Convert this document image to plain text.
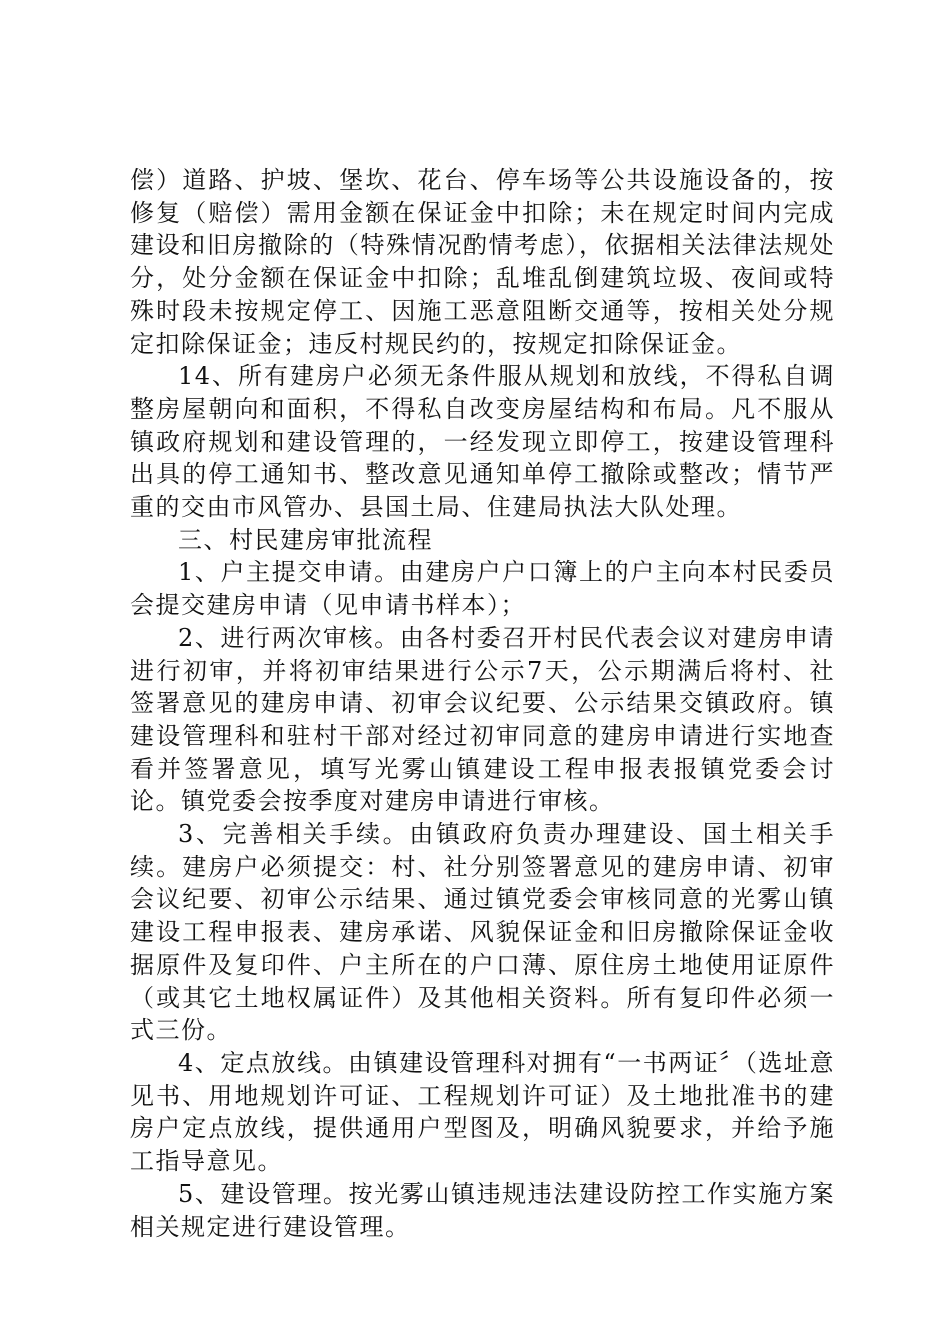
偿）道路、护坡、堡坎、花台、停车场等公共设施设备的，按修复（赔偿）需用金额在保证金中扣除；未在规定时间内完成建设和旧房撤除的（特殊情况酌情考虑），依据相关法律法规处分，处分金额在保证金中扣除；乱堆乱倒建筑垃圾、夜间或特殊时段未按规定停工、因施工恶意阻断交通等，按相关处分规定扣除保证金；违反村规民约的，按规定扣除保证金。

14、所有建房户必须无条件服从规划和放线，不得私自调整房屋朝向和面积，不得私自改变房屋结构和布局。凡不服从镇政府规划和建设管理的，一经发现立即停工，按建设管理科出具的停工通知书、整改意见通知单停工撤除或整改；情节严重的交由市风管办、县国土局、住建局执法大队处理。

三、村民建房审批流程

1、户主提交申请。由建房户户口簿上的户主向本村民委员会提交建房申请（见申请书样本）；

2、进行两次审核。由各村委召开村民代表会议对建房申请进行初审，并将初审结果进行公示7天，公示期满后将村、社签署意见的建房申请、初审会议纪要、公示结果交镇政府。镇建设管理科和驻村干部对经过初审同意的建房申请进行实地查看并签署意见，填写光雾山镇建设工程申报表报镇党委会讨论。镇党委会按季度对建房申请进行审核。

3、完善相关手续。由镇政府负责办理建设、国土相关手续。建房户必须提交：村、社分别签署意见的建房申请、初审会议纪要、初审公示结果、通过镇党委会审核同意的光雾山镇建设工程申报表、建房承诺、风貌保证金和旧房撤除保证金收据原件及复印件、户主所在的户口薄、原住房土地使用证原件（或其它土地权属证件）及其他相关资料。所有复印件必须一式三份。

4、定点放线。由镇建设管理科对拥有“一书两证〞（选址意见书、用地规划许可证、工程规划许可证）及土地批准书的建房户定点放线，提供通用户型图及，明确风貌要求，并给予施工指导意见。

5、建设管理。按光雾山镇违规违法建设防控工作实施方案相关规定进行建设管理。
